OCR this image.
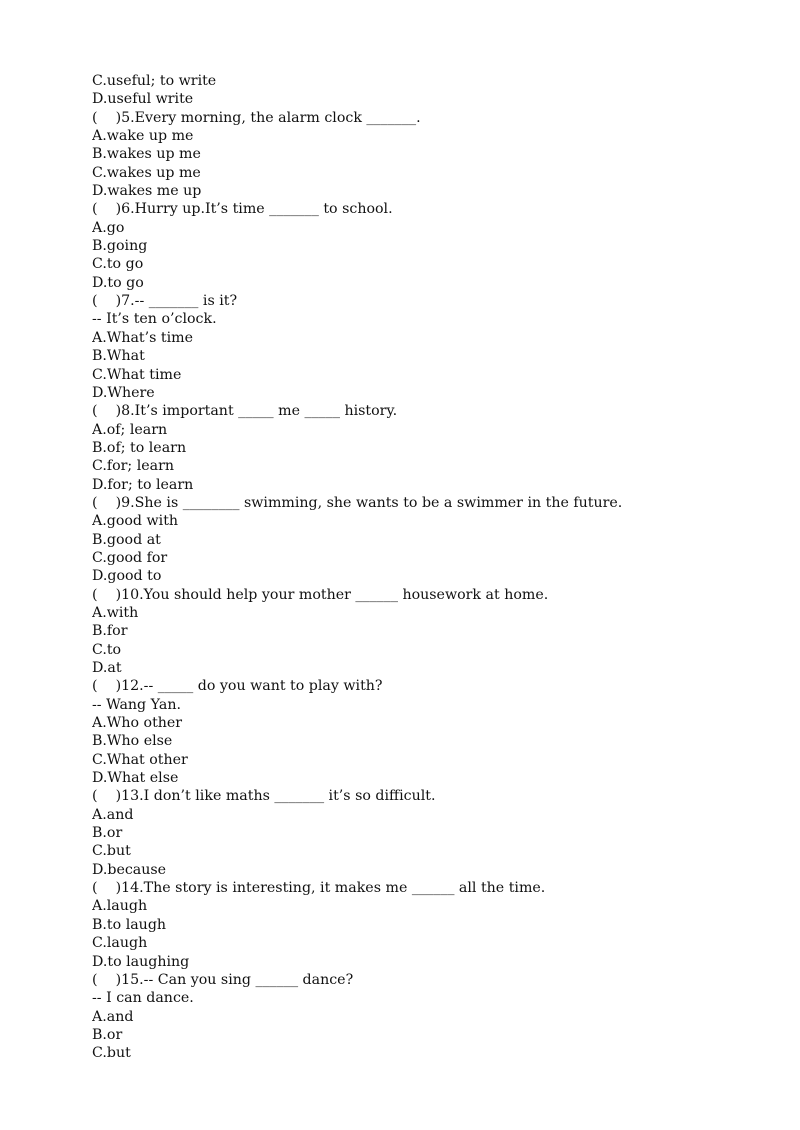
C.useful; to write
D.useful write
(    )5.Every morning, the alarm clock _______.
A.wake up me
B.wakes up me
C.wakes up me
D.wakes me up
(    )6.Hurry up.It’s time _______ to school.
A.go
B.going
C.to go
D.to go
(    )7.-- _______ is it?
-- It’s ten o’clock.
A.What’s time
B.What
C.What time
D.Where
(    )8.It’s important _____ me _____ history.
A.of; learn
B.of; to learn
C.for; learn
D.for; to learn
(    )9.She is ________ swimming, she wants to be a swimmer in the future.
A.good with
B.good at
C.good for
D.good to
(    )10.You should help your mother ______ housework at home.
A.with
B.for
C.to
D.at
(    )12.-- _____ do you want to play with?
-- Wang Yan.
A.Who other
B.Who else
C.What other
D.What else
(    )13.I don’t like maths _______ it’s so difficult.
A.and
B.or
C.but
D.because
(    )14.The story is interesting, it makes me ______ all the time.
A.laugh
B.to laugh
C.laugh
D.to laughing
(    )15.-- Can you sing ______ dance?
-- I can dance.
A.and
B.or
C.but
